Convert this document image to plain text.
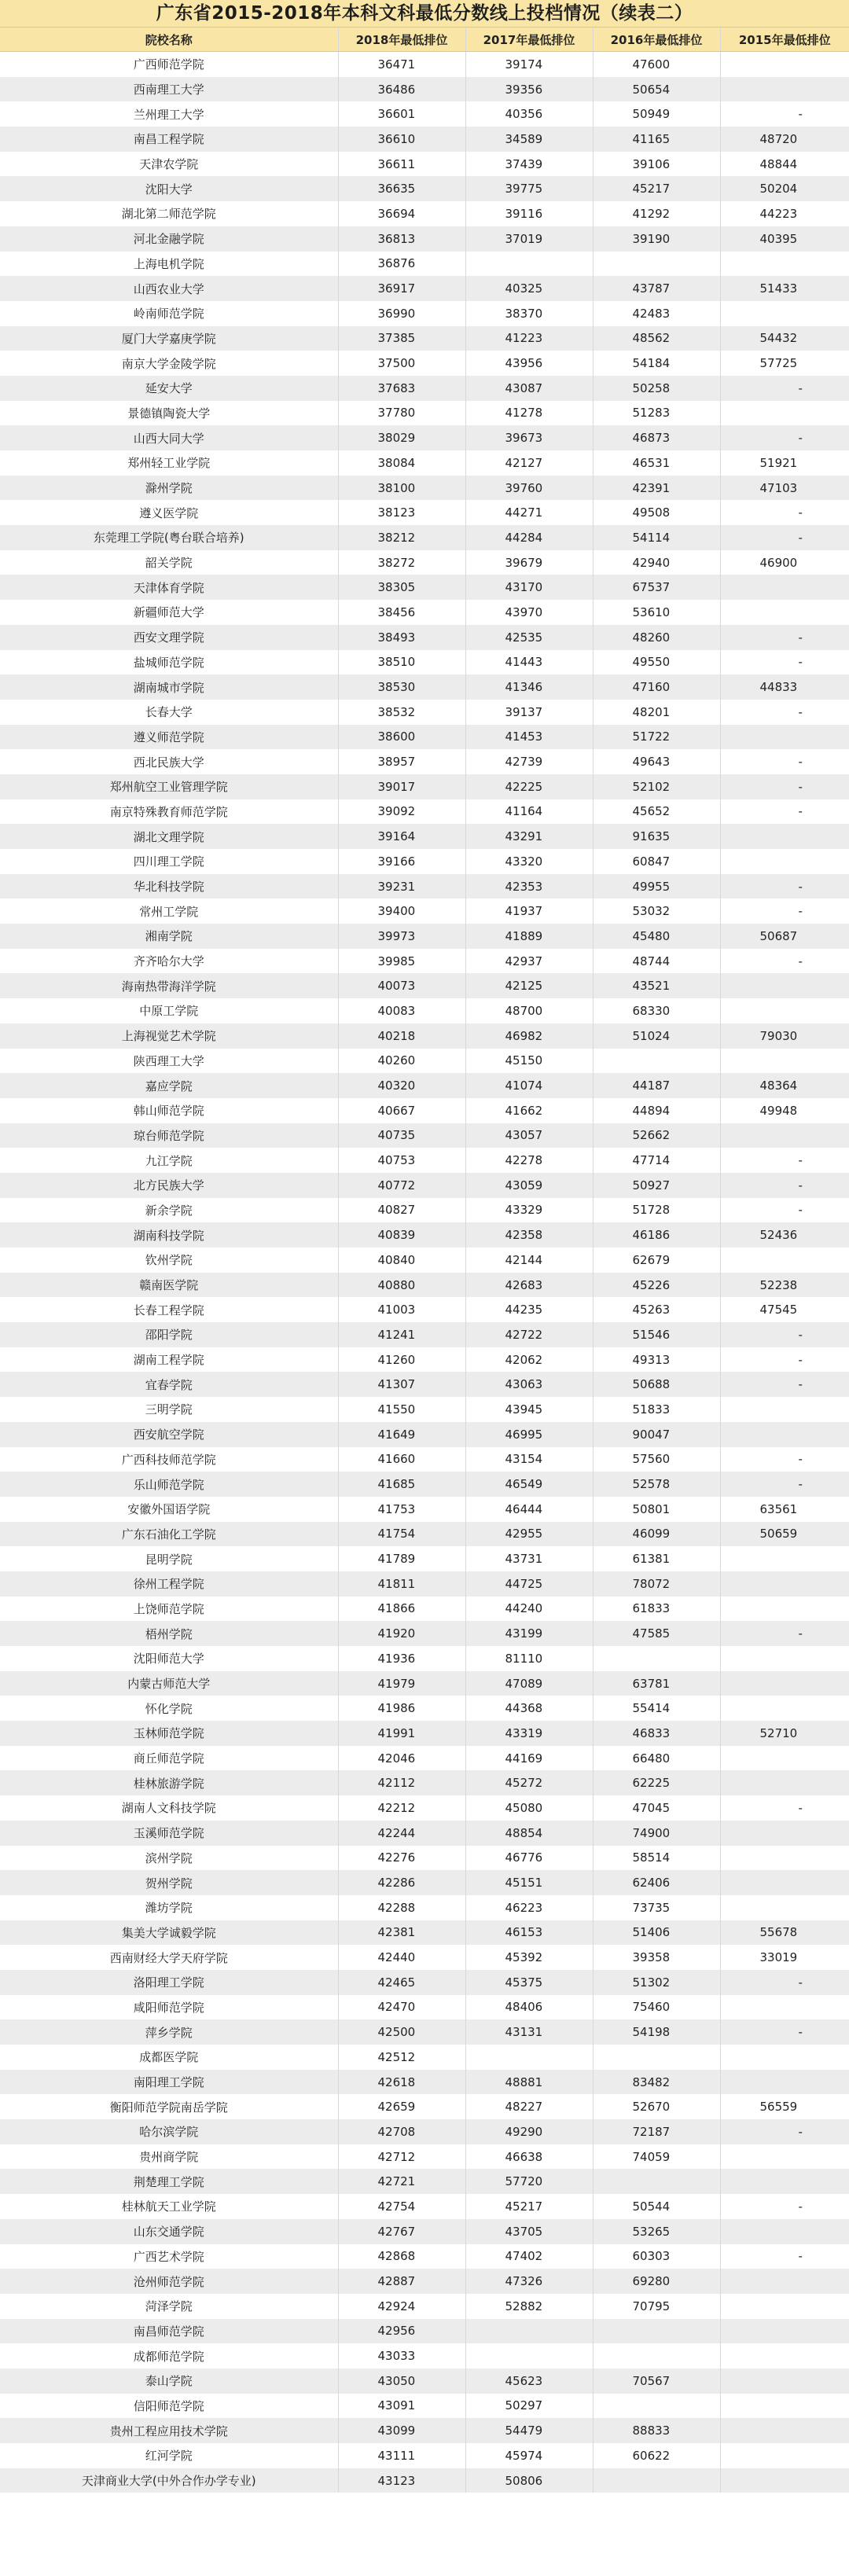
广东省2015-2018年本科文科最低分数线上投档情况（续表二）
院校名称	2018年最低排位	2017年最低排位	2016年最低排位	2015年最低排位
广西师范学院	36471	39174	47600	
西南理工大学	36486	39356	50654	
兰州理工大学	36601	40356	50949	-
南昌工程学院	36610	34589	41165	48720
天津农学院	36611	37439	39106	48844
沈阳大学	36635	39775	45217	50204
湖北第二师范学院	36694	39116	41292	44223
河北金融学院	36813	37019	39190	40395
上海电机学院	36876			
山西农业大学	36917	40325	43787	51433
岭南师范学院	36990	38370	42483	
厦门大学嘉庚学院	37385	41223	48562	54432
南京大学金陵学院	37500	43956	54184	57725
延安大学	37683	43087	50258	-
景德镇陶瓷大学	37780	41278	51283	
山西大同大学	38029	39673	46873	-
郑州轻工业学院	38084	42127	46531	51921
滁州学院	38100	39760	42391	47103
遵义医学院	38123	44271	49508	-
东莞理工学院(粤台联合培养)	38212	44284	54114	-
韶关学院	38272	39679	42940	46900
天津体育学院	38305	43170	67537	
新疆师范大学	38456	43970	53610	
西安文理学院	38493	42535	48260	-
盐城师范学院	38510	41443	49550	-
湖南城市学院	38530	41346	47160	44833
长春大学	38532	39137	48201	-
遵义师范学院	38600	41453	51722	
西北民族大学	38957	42739	49643	-
郑州航空工业管理学院	39017	42225	52102	-
南京特殊教育师范学院	39092	41164	45652	-
湖北文理学院	39164	43291	91635	
四川理工学院	39166	43320	60847	
华北科技学院	39231	42353	49955	-
常州工学院	39400	41937	53032	-
湘南学院	39973	41889	45480	50687
齐齐哈尔大学	39985	42937	48744	-
海南热带海洋学院	40073	42125	43521	
中原工学院	40083	48700	68330	
上海视觉艺术学院	40218	46982	51024	79030
陕西理工大学	40260	45150		
嘉应学院	40320	41074	44187	48364
韩山师范学院	40667	41662	44894	49948
琼台师范学院	40735	43057	52662	
九江学院	40753	42278	47714	-
北方民族大学	40772	43059	50927	-
新余学院	40827	43329	51728	-
湖南科技学院	40839	42358	46186	52436
钦州学院	40840	42144	62679	
赣南医学院	40880	42683	45226	52238
长春工程学院	41003	44235	45263	47545
邵阳学院	41241	42722	51546	-
湖南工程学院	41260	42062	49313	-
宜春学院	41307	43063	50688	-
三明学院	41550	43945	51833	
西安航空学院	41649	46995	90047	
广西科技师范学院	41660	43154	57560	-
乐山师范学院	41685	46549	52578	-
安徽外国语学院	41753	46444	50801	63561
广东石油化工学院	41754	42955	46099	50659
昆明学院	41789	43731	61381	
徐州工程学院	41811	44725	78072	
上饶师范学院	41866	44240	61833	
梧州学院	41920	43199	47585	-
沈阳师范大学	41936	81110		
内蒙古师范大学	41979	47089	63781	
怀化学院	41986	44368	55414	
玉林师范学院	41991	43319	46833	52710
商丘师范学院	42046	44169	66480	
桂林旅游学院	42112	45272	62225	
湖南人文科技学院	42212	45080	47045	-
玉溪师范学院	42244	48854	74900	
滨州学院	42276	46776	58514	
贺州学院	42286	45151	62406	
潍坊学院	42288	46223	73735	
集美大学诚毅学院	42381	46153	51406	55678
西南财经大学天府学院	42440	45392	39358	33019
洛阳理工学院	42465	45375	51302	-
咸阳师范学院	42470	48406	75460	
萍乡学院	42500	43131	54198	-
成都医学院	42512			
南阳理工学院	42618	48881	83482	
衡阳师范学院南岳学院	42659	48227	52670	56559
哈尔滨学院	42708	49290	72187	-
贵州商学院	42712	46638	74059	
荆楚理工学院	42721	57720		
桂林航天工业学院	42754	45217	50544	-
山东交通学院	42767	43705	53265	
广西艺术学院	42868	47402	60303	-
沧州师范学院	42887	47326	69280	
菏泽学院	42924	52882	70795	
南昌师范学院	42956			
成都师范学院	43033			
泰山学院	43050	45623	70567	
信阳师范学院	43091	50297		
贵州工程应用技术学院	43099	54479	88833	
红河学院	43111	45974	60622	
天津商业大学(中外合作办学专业)	43123	50806		
